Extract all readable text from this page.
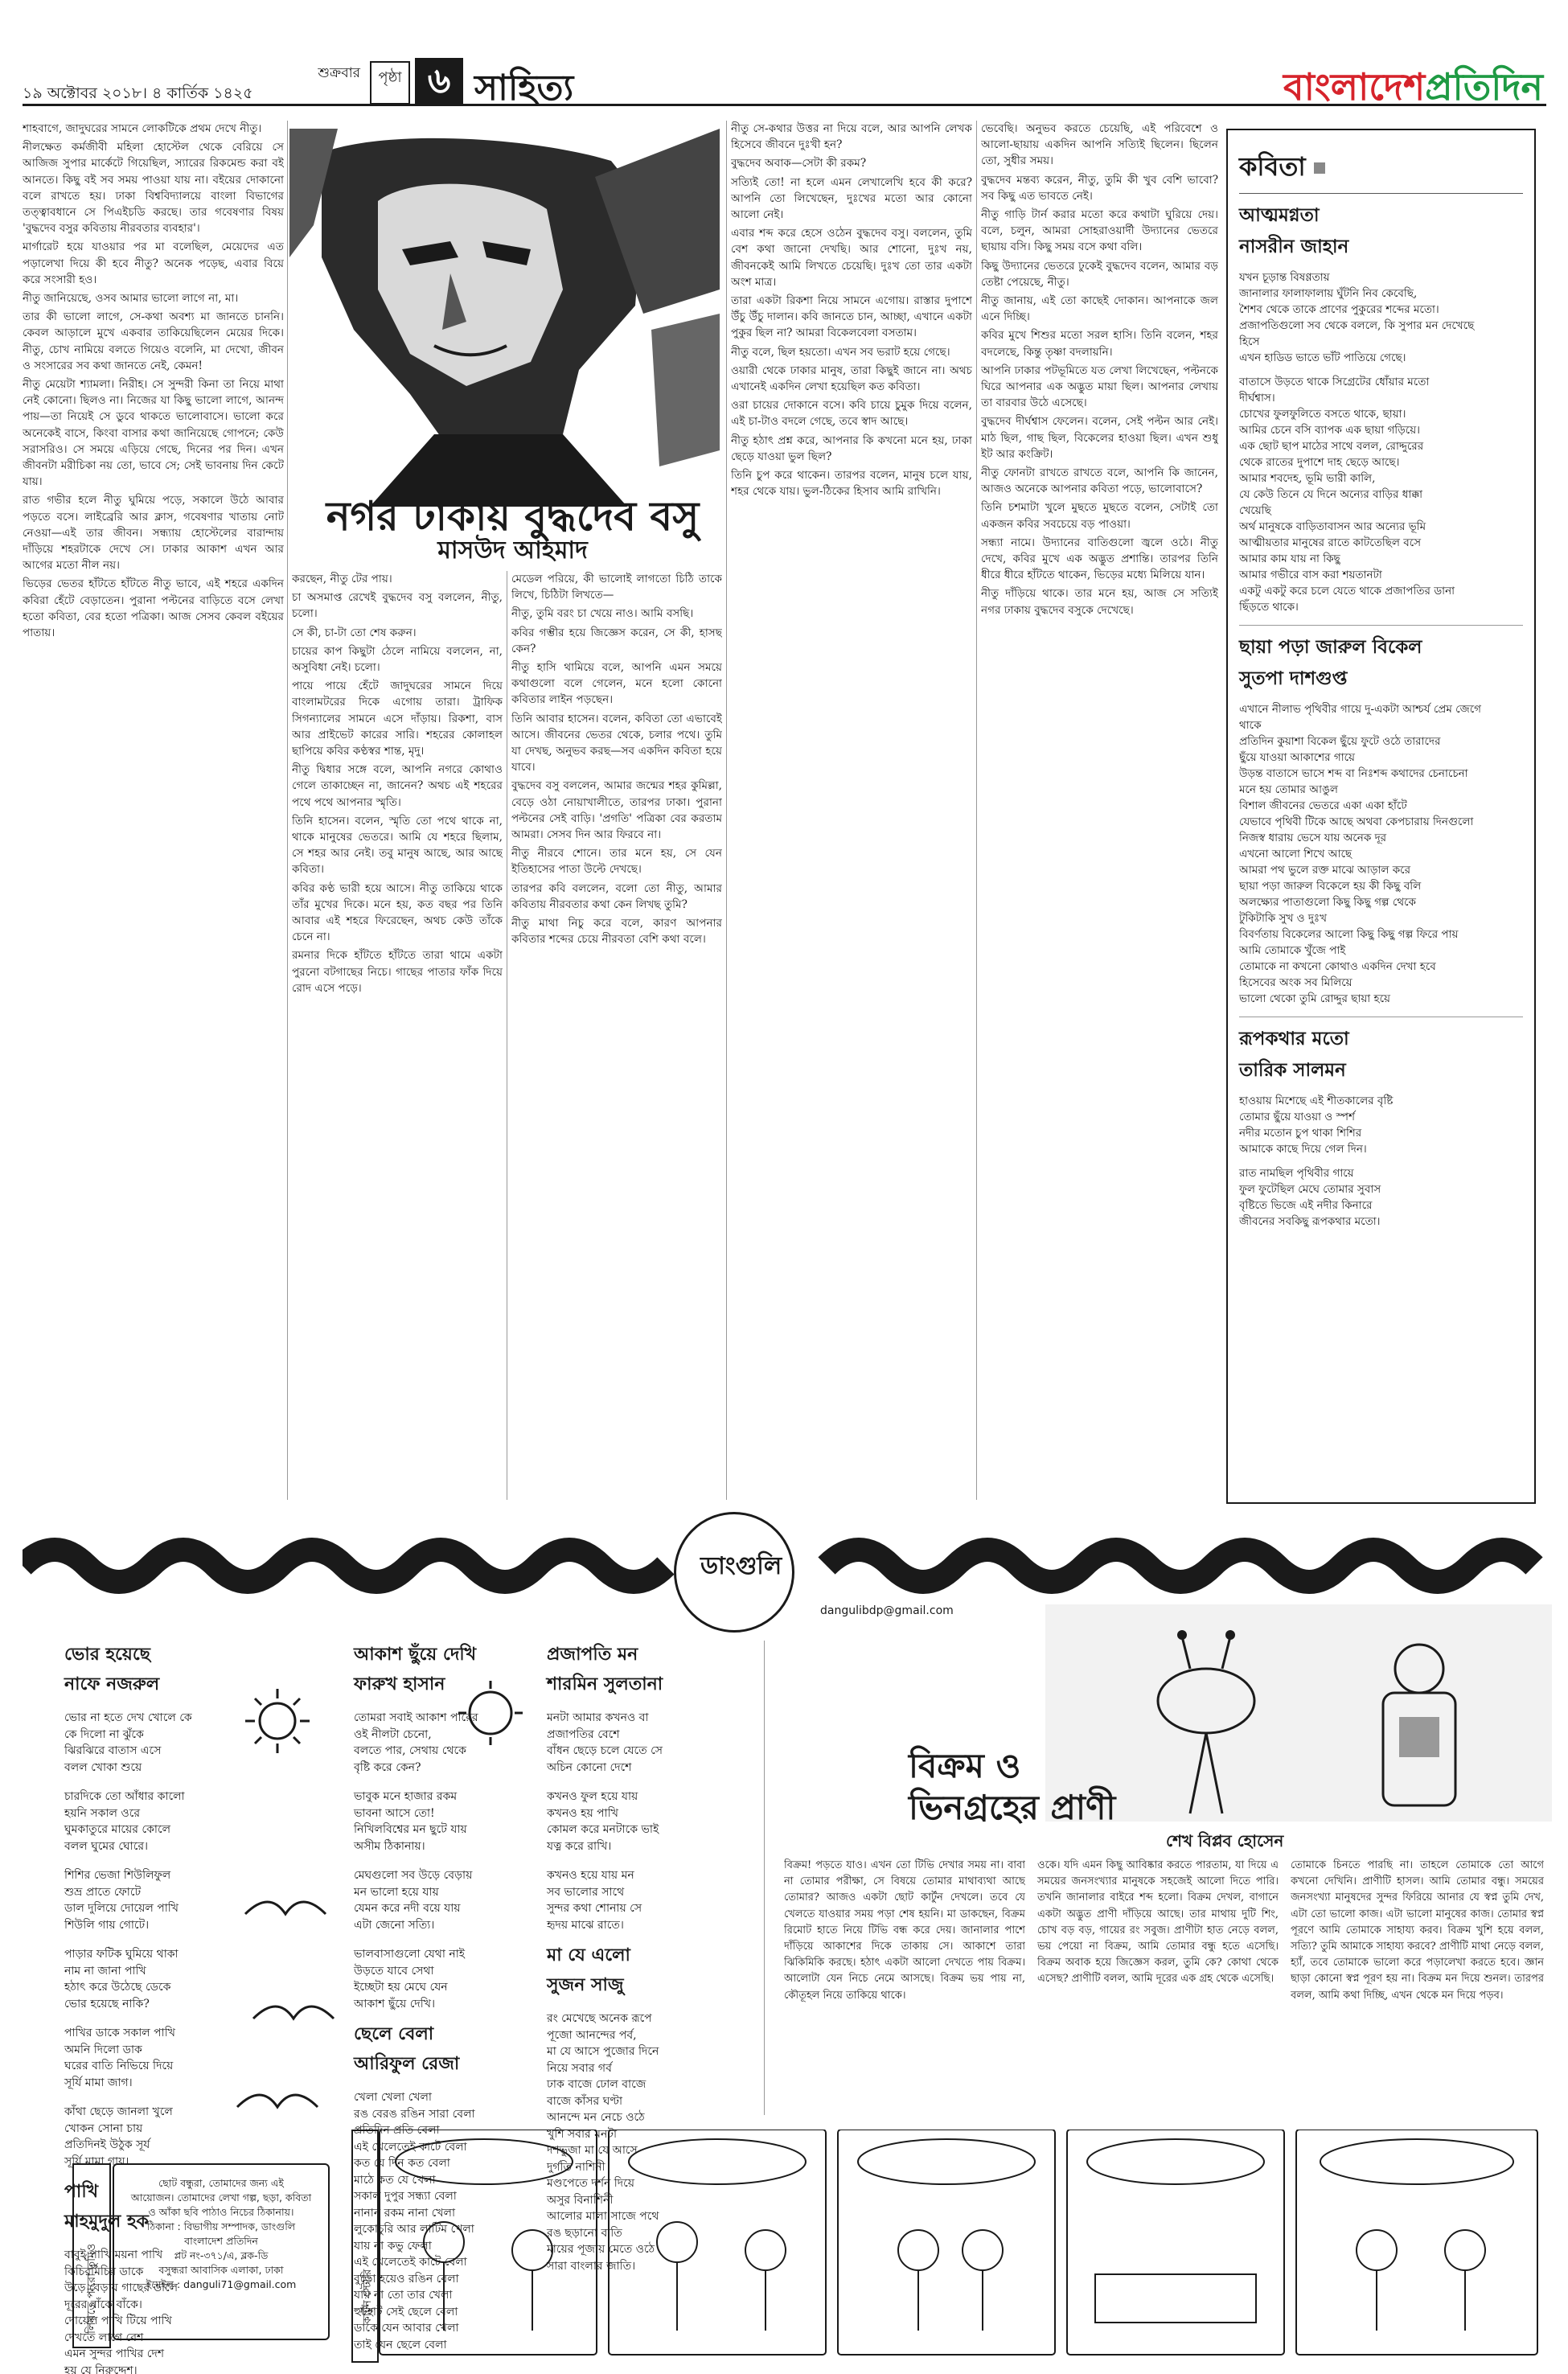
শুক্রবার
১৯ অক্টোবর ২০১৮। ৪ কার্তিক ১৪২৫
পৃষ্ঠা ৬ সাহিত্য	বাংলাদেশপ্রতিদিন
নগর ঢাকায় বুদ্ধদেব বসু
মাসউদ আহমাদ

শাহবাগে, জাদুঘরের সামনে লোকটিকে প্রথম দেখে নীতু।

নীলক্ষেত কর্মজীবী মহিলা হোস্টেল থেকে বেরিয়ে সে আজিজ সুপার মার্কেটে গিয়েছিল, স্যারের রিকমেন্ড করা বই আনতে। কিছু বই সব সময় পাওয়া যায় না। বইয়ের দোকানো বলে রাখতে হয়। ঢাকা বিশ্ববিদ্যালয়ে বাংলা বিভাগের তত্ত্বাবধানে সে পিএইচডি করছে। তার গবেষণার বিষয় 'বুদ্ধদেব বসুর কবিতায় নীরবতার ব্যবহার'।

মার্গারেট হয়ে যাওয়ার পর মা বলেছিল, মেয়েদের এত পড়ালেখা দিয়ে কী হবে নীতু? অনেক পড়েছ, এবার বিয়ে করে সংসারী হও।

নীতু জানিয়েছে, ওসব আমার ভালো লাগে না, মা।

তার কী ভালো লাগে, সে-কথা অবশ্য মা জানতে চাননি। কেবল আড়ালে মুখে একবার তাকিয়েছিলেন মেয়ের দিকে। নীতু, চোখ নামিয়ে বলতে গিয়েও বলেনি, মা দেখো, জীবন ও সংসারের সব কথা জানতে নেই, কেমন!

নীতু মেয়েটা শ্যামলা। নিরীহ। সে সুন্দরী কিনা তা নিয়ে মাথা নেই কোনো। ছিলও না। নিজের যা কিছু ভালো লাগে, আনন্দ পায়—তা নিয়েই সে ডুবে থাকতে ভালোবাসে। ভালো করে অনেকেই বাসে, কিংবা বাসার কথা জানিয়েছে গোপনে; কেউ সরাসরিও। সে সময়ে এড়িয়ে গেছে, দিনের পর দিন। এখন জীবনটা মরীচিকা নয় তো, ভাবে সে; সেই ভাবনায় দিন কেটে যায়।

রাত গভীর হলে নীতু ঘুমিয়ে পড়ে, সকালে উঠে আবার পড়তে বসে। লাইব্রেরি আর ক্লাস, গবেষণার খাতায় নোট নেওয়া—এই তার জীবন। সন্ধ্যায় হোস্টেলের বারান্দায় দাঁড়িয়ে শহরটাকে দেখে সে। ঢাকার আকাশ এখন আর আগের মতো নীল নয়।

ভিড়ের ভেতর হাঁটতে হাঁটতে নীতু ভাবে, এই শহরে একদিন কবিরা হেঁটে বেড়াতেন। পুরানা পল্টনের বাড়িতে বসে লেখা হতো কবিতা, বের হতো পত্রিকা। আজ সেসব কেবল বইয়ের পাতায়।

করছেন, নীতু টের পায়।

চা অসমাপ্ত রেখেই বুদ্ধদেব বসু বললেন, নীতু, চলো।

সে কী, চা-টা তো শেষ করুন।

চায়ের কাপ কিছুটা ঠেলে নামিয়ে বললেন, না, অসুবিধা নেই। চলো।

পায়ে পায়ে হেঁটে জাদুঘরের সামনে দিয়ে বাংলামটরের দিকে এগোয় তারা। ট্রাফিক সিগন্যালের সামনে এসে দাঁড়ায়। রিকশা, বাস আর প্রাইভেট কারের সারি। শহরের কোলাহল ছাপিয়ে কবির কণ্ঠস্বর শান্ত, মৃদু।

নীতু দ্বিধার সঙ্গে বলে, আপনি নগরে কোথাও গেলে তাকাচ্ছেন না, জানেন? অথচ এই শহরের পথে পথে আপনার স্মৃতি।

তিনি হাসেন। বলেন, স্মৃতি তো পথে থাকে না, থাকে মানুষের ভেতরে। আমি যে শহরে ছিলাম, সে শহর আর নেই। তবু মানুষ আছে, আর আছে কবিতা।

কবির কণ্ঠ ভারী হয়ে আসে। নীতু তাকিয়ে থাকে তাঁর মুখের দিকে। মনে হয়, কত বছর পর তিনি আবার এই শহরে ফিরেছেন, অথচ কেউ তাঁকে চেনে না।

রমনার দিকে হাঁটতে হাঁটতে তারা থামে একটা পুরনো বটগাছের নিচে। গাছের পাতার ফাঁক দিয়ে রোদ এসে পড়ে।

মেডেল পরিয়ে, কী ভালোই লাগতো চিঠি তাকে লিখে, চিঠিটা লিখতে—

নীতু, তুমি বরং চা খেয়ে নাও। আমি বসছি।

কবির গম্ভীর হয়ে জিজ্ঞেস করেন, সে কী, হাসছ কেন?

নীতু হাসি থামিয়ে বলে, আপনি এমন সময়ে কথাগুলো বলে গেলেন, মনে হলো কোনো কবিতার লাইন পড়ছেন।

তিনি আবার হাসেন। বলেন, কবিতা তো এভাবেই আসে। জীবনের ভেতর থেকে, চলার পথে। তুমি যা দেখছ, অনুভব করছ—সব একদিন কবিতা হয়ে যাবে।

বুদ্ধদেব বসু বললেন, আমার জন্মের শহর কুমিল্লা, বেড়ে ওঠা নোয়াখালীতে, তারপর ঢাকা। পুরানা পল্টনের সেই বাড়ি। 'প্রগতি' পত্রিকা বের করতাম আমরা। সেসব দিন আর ফিরবে না।

নীতু নীরবে শোনে। তার মনে হয়, সে যেন ইতিহাসের পাতা উল্টে দেখছে।

তারপর কবি বললেন, বলো তো নীতু, আমার কবিতায় নীরবতার কথা কেন লিখছ তুমি?

নীতু মাথা নিচু করে বলে, কারণ আপনার কবিতার শব্দের চেয়ে নীরবতা বেশি কথা বলে।

নীতু সে-কথার উত্তর না দিয়ে বলে, আর আপনি লেখক হিসেবে জীবনে দুঃখী হন?

বুদ্ধদেব অবাক—সেটা কী রকম?

সত্যিই তো! না হলে এমন লেখালেখি হবে কী করে? আপনি তো লিখেছেন, দুঃখের মতো আর কোনো আলো নেই।

এবার শব্দ করে হেসে ওঠেন বুদ্ধদেব বসু। বললেন, তুমি বেশ কথা জানো দেখছি। আর শোনো, দুঃখ নয়, জীবনকেই আমি লিখতে চেয়েছি। দুঃখ তো তার একটা অংশ মাত্র।

তারা একটা রিকশা নিয়ে সামনে এগোয়। রাস্তার দুপাশে উঁচু উঁচু দালান। কবি জানতে চান, আচ্ছা, এখানে একটা পুকুর ছিল না? আমরা বিকেলবেলা বসতাম।

নীতু বলে, ছিল হয়তো। এখন সব ভরাট হয়ে গেছে।

ওয়ারী থেকে ঢাকার মানুষ, তারা কিছুই জানে না। অথচ এখানেই একদিন লেখা হয়েছিল কত কবিতা।

ওরা চায়ের দোকানে বসে। কবি চায়ে চুমুক দিয়ে বলেন, এই চা-টাও বদলে গেছে, তবে স্বাদ আছে।

নীতু হঠাৎ প্রশ্ন করে, আপনার কি কখনো মনে হয়, ঢাকা ছেড়ে যাওয়া ভুল ছিল?

তিনি চুপ করে থাকেন। তারপর বলেন, মানুষ চলে যায়, শহর থেকে যায়। ভুল-ঠিকের হিসাব আমি রাখিনি।

ভেবেছি। অনুভব করতে চেয়েছি, এই পরিবেশে ও আলো-ছায়ায় একদিন আপনি সত্যিই ছিলেন। ছিলেন তো, সুধীর সময়।

বুদ্ধদেব মন্তব্য করেন, নীতু, তুমি কী খুব বেশি ভাবো? সব কিছু এত ভাবতে নেই।

নীতু গাড়ি টার্ন করার মতো করে কথাটা ঘুরিয়ে দেয়। বলে, চলুন, আমরা সোহরাওয়ার্দী উদ্যানের ভেতরে ছায়ায় বসি। কিছু সময় বসে কথা বলি।

কিছু উদ্যানের ভেতরে ঢুকেই বুদ্ধদেব বলেন, আমার বড় তেষ্টা পেয়েছে, নীতু।

নীতু জানায়, এই তো কাছেই দোকান। আপনাকে জল এনে দিচ্ছি।

কবির মুখে শিশুর মতো সরল হাসি। তিনি বলেন, শহর বদলেছে, কিন্তু তৃষ্ণা বদলায়নি।

আপনি ঢাকার পটভূমিতে যত লেখা লিখেছেন, পল্টনকে ঘিরে আপনার এক অদ্ভুত মায়া ছিল। আপনার লেখায় তা বারবার উঠে এসেছে।

বুদ্ধদেব দীর্ঘশ্বাস ফেলেন। বলেন, সেই পল্টন আর নেই। মাঠ ছিল, গাছ ছিল, বিকেলের হাওয়া ছিল। এখন শুধু ইট আর কংক্রিট।

নীতু ফোনটা রাখতে রাখতে বলে, আপনি কি জানেন, আজও অনেকে আপনার কবিতা পড়ে, ভালোবাসে?

তিনি চশমাটা খুলে মুছতে মুছতে বলেন, সেটাই তো একজন কবির সবচেয়ে বড় পাওয়া।

সন্ধ্যা নামে। উদ্যানের বাতিগুলো জ্বলে ওঠে। নীতু দেখে, কবির মুখে এক অদ্ভুত প্রশান্তি। তারপর তিনি ধীরে ধীরে হাঁটতে থাকেন, ভিড়ের মধ্যে মিলিয়ে যান।

নীতু দাঁড়িয়ে থাকে। তার মনে হয়, আজ সে সত্যিই নগর ঢাকায় বুদ্ধদেব বসুকে দেখেছে।

কবিতা
আত্মমগ্নতা
নাসরীন জাহান
যখন চূড়ান্ত বিষণ্ণতায়
জানালার ফালাফালায় ঘুঁটনি নিব কেবেছি,
শৈশব থেকে তাকে প্রাণের পুকুরের শব্দের মতো।
প্রজাপতিগুলো সব থেকে বললে, কি সুপার মন দেখেছে
হিসে
এখন হাডিড ভাতে ভাঁট পাতিয়ে গেছে।
বাতাসে উড়তে থাকে সিগ্রেটের ধোঁয়ার মতো
দীর্ঘশ্বাস।
চোখের ফুলফুলিতে বসতে থাকে, ছায়া।
আমির চেনে বসি ব্যাপক এক ছায়া গড়িয়ে।
এক ছোট ছাপ মাঠের সাথে বলল, রোদ্দুরের
থেকে রাতের দুপাশে দাহ ছেড়ে আছে।
আমার শবদেহ, ভূমি ভারী কালি,
যে কেউ তিনে যে দিনে অন্যের বাড়ির ধাক্কা
খেয়েছি
অর্থ মানুষকে বাড়িতাবাসন আর অন্যের ভূমি
আত্মীয়তার মানুষের রাতে কাটতেছিল বসে
আমার কাম যায় না কিছু
আমার গভীরে বাস করা শয়তানটা
একটু একটু করে চলে যেতে থাকে প্রজাপতির ডানা
ছিঁড়তে থাকে।
ছায়া পড়া জারুল বিকেল
সুতপা দাশগুপ্ত
এখানে নীলাভ পৃথিবীর গায়ে দু-একটা আশ্চর্য প্রেম জেগে
থাকে
প্রতিদিন কুয়াশা বিকেল ছুঁয়ে ফুটে ওঠে তারাদের
ছুঁয়ে যাওয়া আকাশের গায়ে
উড়ন্ত বাতাসে ভাসে শব্দ বা নিঃশব্দ কথাদের চেনাচেনা
মনে হয় তোমার আঙুল
বিশাল জীবনের ভেতরে একা একা হাঁটে
যেভাবে পৃথিবী টিকে আছে অথবা কেপচারায় দিনগুলো
নিজস্ব ধারায় ভেসে যায় অনেক দূর
এখনো আলো শিখে আছে
আমরা পথ ভুলে রক্ত মাঝে আড়াল করে
ছায়া পড়া জারুল বিকেলে হয় কী কিছু বলি
অলক্ষ্যের পাতাগুলো কিছু কিছু গল্প থেকে
টুকিটাকি সুখ ও দুঃখ
বিবর্ণতায় বিকেলের আলো কিছু কিছু গল্প ফিরে পায়
আমি তোমাকে খুঁজে পাই
তোমাকে না কখনো কোথাও একদিন দেখা হবে
হিসেবের অংক সব মিলিয়ে
ভালো থেকো তুমি রোদ্দুর ছায়া হয়ে
রূপকথার মতো
তারিক সালমন
হাওয়ায় মিশেছে এই শীতকালের বৃষ্টি
তোমার ছুঁয়ে যাওয়া ও স্পর্শ
নদীর মতোন চুপ থাকা শিশির
আমাকে কাছে দিয়ে গেল দিন।
রাত নামছিল পৃথিবীর গায়ে
ফুল ফুটেছিল মেঘে তোমার সুবাস
বৃষ্টিতে ভিজে এই নদীর কিনারে
জীবনের সবকিছু রূপকথার মতো।
ডাংগুলি
dangulibdp@gmail.com
ভোর হয়েছে
নাফে নজরুল
ভোর না হতে দেখ খোলে কে
কে দিলো না ঝুঁকে
ঝিরঝিরে বাতাস এসে
বলল খোকা শুয়ে
চারদিকে তো আঁধার কালো
হয়নি সকাল ওরে
ঘুমকাতুরে মায়ের কোলে
বলল ঘুমের ঘোরে।
শিশির ভেজা শিউলিফুল
শুভ্র প্রাতে ফোটে
ডাল দুলিয়ে দোয়েল পাখি
শিউলি গায় গোটে।
পাড়ার ফটিক ঘুমিয়ে থাকা
নাম না জানা পাখি
হঠাৎ করে উঠেছে ডেকে
ভোর হয়েছে নাকি?
পাখির ডাকে সকাল পাখি
অমনি দিলো ডাক
ঘরের বাতি নিভিয়ে দিয়ে
সূর্যি মামা জাগ।
কাঁথা ছেড়ে জানলা খুলে
খোকন সোনা চায়
প্রতিদিনই উঠুক সূর্য
সূর্যি মামা গায়।
পাখি
মাহমুদুল হক
বাবুই পাখি ময়না পাখি
কিচিরমিচির ডাকে
উড়ে বেড়ায় গাছের ডালে
দূরের বাঁকে বাঁকে।
দোয়েল পাখি টিয়ে পাখি
দেখতে লাগে বেশ
এমন সুন্দর পাখির দেশ
হয় যে নিরুদ্দেশ।
আকাশ ছুঁয়ে দেখি
ফারুখ হাসান
তোমরা সবাই আকাশ পারের
ওই নীলটা চেনো,
বলতে পার, সেথায় থেকে
বৃষ্টি করে কেন?
ভাবুক মনে হাজার রকম
ভাবনা আসে তো!
নিখিলবিশ্বের মন ছুটে যায়
অসীম ঠিকানায়।
মেঘগুলো সব উড়ে বেড়ায়
মন ভালো হয়ে যায়
যেমন করে নদী বয়ে যায়
এটা জেনো সত্যি।
ভালবাসাগুলো যেথা নাই
উড়তে যাবে সেথা
ইচ্ছেটা হয় মেঘে যেন
আকাশ ছুঁয়ে দেখি।
ছেলে বেলা
আরিফুল রেজা
খেলা খেলা খেলা
রঙ বেরঙ রঙিন সারা বেলা
প্রতিদিন প্রতি বেলা
এই খেলেতেই কাটে বেলা
কত যে দিন কত বেলা
মাঠে কত যে খেলা
সকাল দুপুর সন্ধ্যা বেলা
নানান রকম নানা খেলা
লুকোচুরি আর লাটিম খেলা
যায় না কভু ফেলা
এই খেলেতেই কাটে বেলা
বুড়ো হয়েও রঙিন বেলা
যায় না তো তার খেলা
হুটহাট সেই ছেলে বেলা
ডাকে যেন আবার খেলা
তাই যেন ছেলে বেলা
প্রজাপতি মন
শারমিন সুলতানা
মনটা আমার কখনও বা
প্রজাপতির বেশে
বাঁধন ছেড়ে চলে যেতে সে
অচিন কোনো দেশে
কখনও ফুল হয়ে যায়
কখনও হয় পাখি
কোমল করে মনটাকে ভাই
যত্ন করে রাখি।
কখনও হয়ে যায় মন
সব ভালোর সাথে
সুন্দর কথা শোনায় সে
হৃদয় মাঝে রাতে।
মা যে এলো
সুজন সাজু
রং মেখেছে অনেক রূপে
পূজো আনন্দের পর্ব,
মা যে আসে পুজোর দিনে
নিয়ে সবার গর্ব
ঢাক বাজে ঢোল বাজে
বাজে কাঁসর ঘণ্টা
আনন্দে মন নেচে ওঠে
খুশি সবার মনটা
দশভুজা মা যে আসে
দুর্গতি নাশিনী
মণ্ডপেতে দর্শন দিয়ে
অসুর বিনাশিনী
আলোর মালা সাজে পথে
রঙ ছড়ানো বাতি
মায়ের পূজায় মেতে ওঠে
সারা বাংলার জাতি।
বিক্রম ও ভিনগ্রহের প্রাণী
শেখ বিপ্লব হোসেন

বিক্রম! পড়তে যাও। এখন তো টিভি দেখার সময় না। বাবা না তোমার পরীক্ষা, সে বিষয়ে তোমার মাথাব্যথা আছে তোমার? আজও একটা ছোট কার্টুন দেখলে। তবে যে খেলতে যাওয়ার সময় পড়া শেষ হয়নি। মা ডাকছেন, বিক্রম রিমোট হাতে নিয়ে টিভি বন্ধ করে দেয়। জানালার পাশে দাঁড়িয়ে আকাশের দিকে তাকায় সে। আকাশে তারা ঝিকিমিকি করছে। হঠাৎ একটা আলো দেখতে পায় বিক্রম। আলোটা যেন নিচে নেমে আসছে। বিক্রম ভয় পায় না, কৌতূহল নিয়ে তাকিয়ে থাকে।

ওকে। যদি এমন কিছু আবিষ্কার করতে পারতাম, যা দিয়ে এ সময়ের জনসংখ্যার মানুষকে সহজেই আলো দিতে পারি। তখনি জানালার বাইরে শব্দ হলো। বিক্রম দেখল, বাগানে একটা অদ্ভুত প্রাণী দাঁড়িয়ে আছে। তার মাথায় দুটি শিং, চোখ বড় বড়, গায়ের রং সবুজ। প্রাণীটা হাত নেড়ে বলল, ভয় পেয়ো না বিক্রম, আমি তোমার বন্ধু হতে এসেছি। বিক্রম অবাক হয়ে জিজ্ঞেস করল, তুমি কে? কোথা থেকে এসেছ? প্রাণীটি বলল, আমি দূরের এক গ্রহ থেকে এসেছি।

তোমাকে চিনতে পারছি না। তাহলে তোমাকে তো আগে কখনো দেখিনি। প্রাণীটি হাসল। আমি তোমার বন্ধু। সময়ের জনসংখ্যা মানুষদের সুন্দর ফিরিয়ে আনার যে স্বপ্ন তুমি দেখ, এটা তো ভালো কাজ। এটা ভালো মানুষের কাজ। তোমার স্বপ্ন পূরণে আমি তোমাকে সাহায্য করব। বিক্রম খুশি হয়ে বলল, সত্যি? তুমি আমাকে সাহায্য করবে? প্রাণীটি মাথা নেড়ে বলল, হ্যাঁ, তবে তোমাকে ভালো করে পড়ালেখা করতে হবে। জ্ঞান ছাড়া কোনো স্বপ্ন পূরণ হয় না। বিক্রম মন দিয়ে শুনল। তারপর বলল, আমি কথা দিচ্ছি, এখন থেকে মন দিয়ে পড়ব।

লিখতে পারো তুমিও
ছোট বন্ধুরা, তোমাদের জন্য এই
আয়োজন। তোমাদের লেখা গল্প, ছড়া, কবিতা
ও আঁকা ছবি পাঠাও নিচের ঠিকানায়।
ঠিকানা : বিভাগীয় সম্পাদক, ডাংগুলি
বাংলাদেশ প্রতিদিন
প্লট নং-৩৭১/এ, ব্লক-ডি
বসুন্ধরা আবাসিক এলাকা, ঢাকা
ইমেইল : danguli71@gmail.com	কার্টুন স্টোরি
